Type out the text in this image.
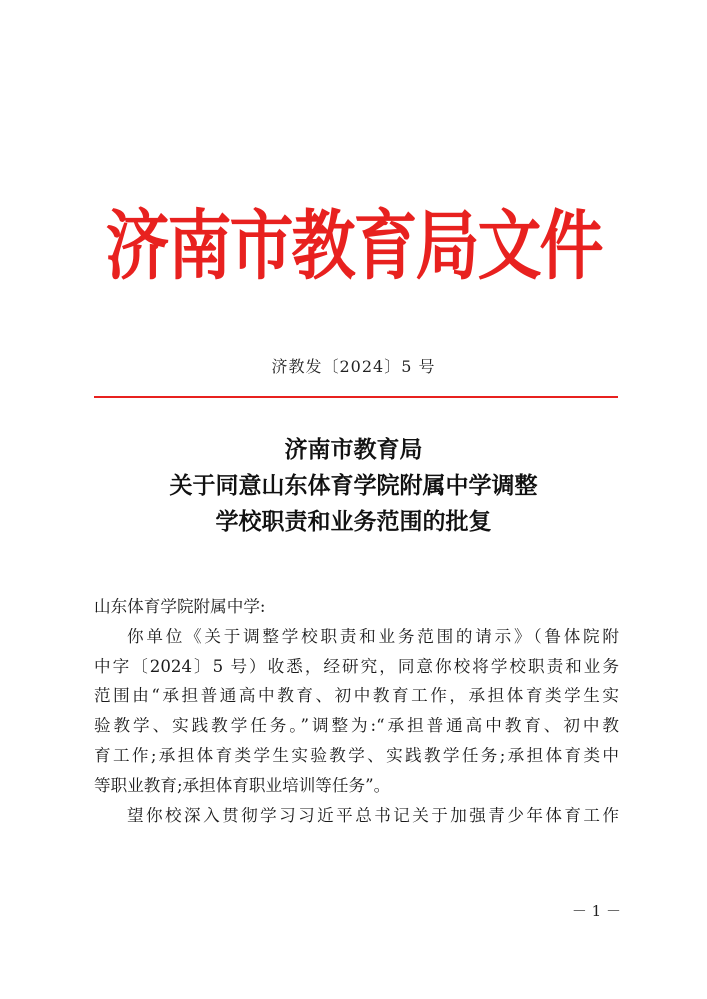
济南市教育局文件
济教发〔2024〕5 号
济南市教育局
关于同意山东体育学院附属中学调整
学校职责和业务范围的批复
山东体育学院附属中学:
你单位《关于调整学校职责和业务范围的请示》（鲁体院附
中字〔2024〕5 号）收悉，经研究，同意你校将学校职责和业务
范围由“承担普通高中教育、初中教育工作，承担体育类学生实
验教学、实践教学任务。”调整为:“承担普通高中教育、初中教
育工作;承担体育类学生实验教学、实践教学任务;承担体育类中
等职业教育;承担体育职业培训等任务”。
望你校深入贯彻学习习近平总书记关于加强青少年体育工作
－ 1 －
